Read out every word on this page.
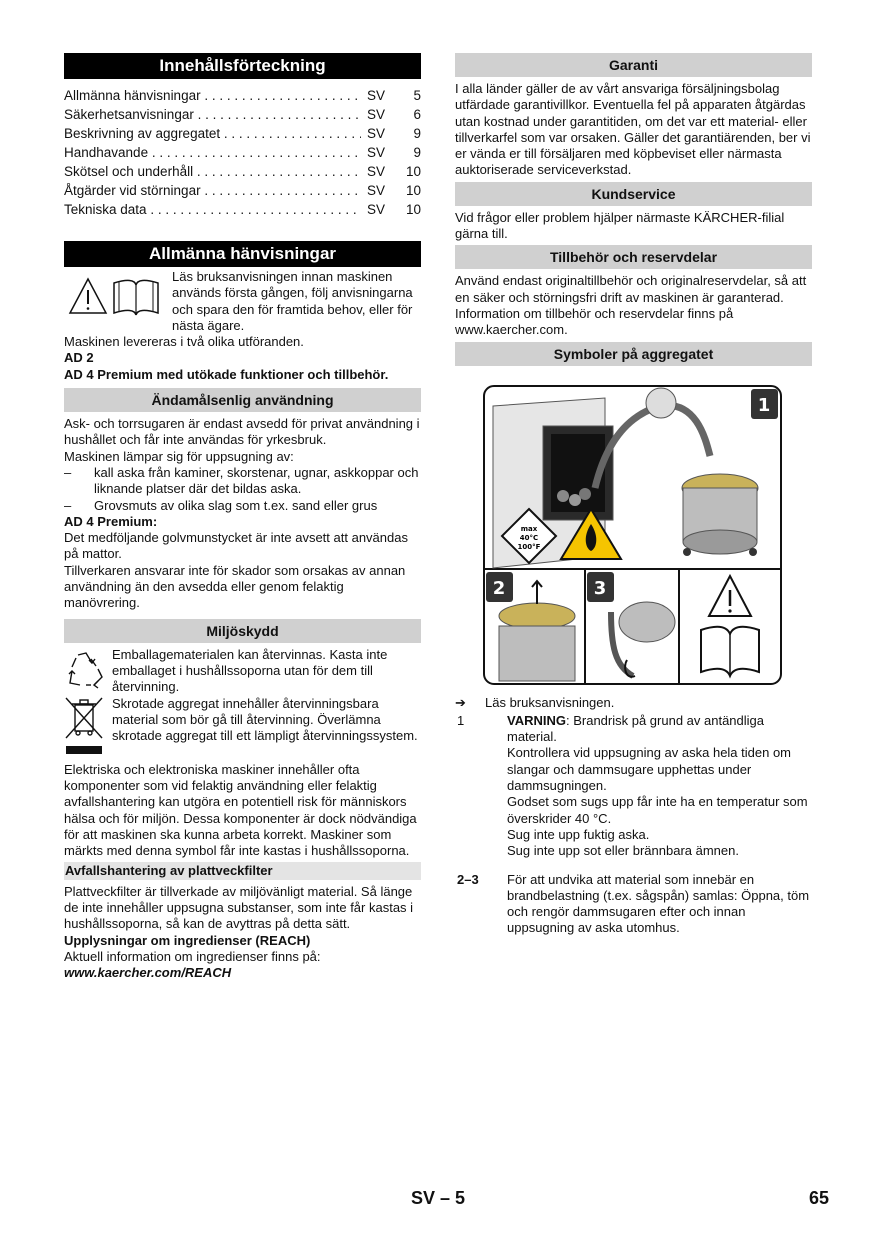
Innehållsförteckning
Allmänna hänvisningar . . .	SV	5
Säkerhetsanvisningar . . .	SV	6
Beskrivning av aggregatet . . .	SV	9
Handhavande . . .	SV	9
Skötsel och underhåll . . .	SV	10
Åtgärder vid störningar . . .	SV	10
Tekniska data . . .	SV	10
Allmänna hänvisningar

Läs bruksanvisningen innan maskinen används första gången, följ anvisningarna och spara den för framtida behov, eller för nästa ägare.

Maskinen levereras i två olika utföranden.

AD 2

AD 4 Premium med utökade funktioner och tillbehör.

Ändamålsenlig användning

Ask- och torrsugaren är endast avsedd för privat användning i hushållet och får inte användas för yrkesbruk.

Maskinen lämpar sig för uppsugning av:

–	kall aska från kaminer, skorstenar, ugnar, askkoppar och liknande platser där det bildas aska.
–	Grovsmuts av olika slag som t.ex. sand eller grus

AD 4 Premium:

Det medföljande golvmunstycket är inte avsett att användas på mattor.

Tillverkaren ansvarar inte för skador som orsakas av annan användning än den avsedda eller genom felaktig manövrering.

Miljöskydd

Emballagematerialen kan återvinnas. Kasta inte emballaget i hushållssoporna utan för dem till återvinning.

Skrotade aggregat innehåller återvinningsbara material som bör gå till återvinning. Överlämna skrotade aggregat till ett lämpligt återvinningssystem.

Elektriska och elektroniska maskiner innehåller ofta komponenter som vid felaktig användning eller felaktig avfallshantering kan utgöra en potentiell risk för människors hälsa och för miljön. Dessa komponenter är dock nödvändiga för att maskinen ska kunna arbeta korrekt. Maskiner som märkts med denna symbol får inte kastas i hushållssoporna.

Avfallshantering av plattveckfilter

Plattveckfilter är tillverkade av miljövänligt material. Så länge de inte innehåller uppsugna substanser, som inte får kastas i hushållssoporna, så kan de avyttras på detta sätt.

Upplysningar om ingredienser (REACH)

Aktuell information om ingredienser finns på:

www.kaercher.com/REACH

Garanti

I alla länder gäller de av vårt ansvariga försäljningsbolag utfärdade garantivillkor. Eventuella fel på apparaten åtgärdas utan kostnad under garantitiden, om det var ett material- eller tillverkarfel som var orsaken. Gäller det garantiärenden, ber vi er vända er till försäljaren med köpbeviset eller närmasta auktoriserade serviceverkstad.

Kundservice

Vid frågor eller problem hjälper närmaste KÄRCHER-filial gärna till.

Tillbehör och reservdelar

Använd endast originaltillbehör och originalreservdelar, så att en säker och störningsfri drift av maskinen är garanterad.

Information om tillbehör och reservdelar finns på www.kaercher.com.

Symboler på aggregatet
max
40°C
100°F
1
2	3
➔	Läs bruksanvisningen.
1	VARNING: Brandrisk på grund av antändliga material.

Kontrollera vid uppsugning av aska hela tiden om slangar och dammsugare upphettas under dammsugningen.

Godset som sugs upp får inte ha en temperatur som överskrider 40 °C.

Sug inte upp fuktig aska.

Sug inte upp sot eller brännbara ämnen.

2–3	För att undvika att material som innebär en brandbelastning (t.ex. sågspån) samlas: Öppna, töm och rengör dammsugaren efter och innan uppsugning av aska utomhus.

SV – 5	65
